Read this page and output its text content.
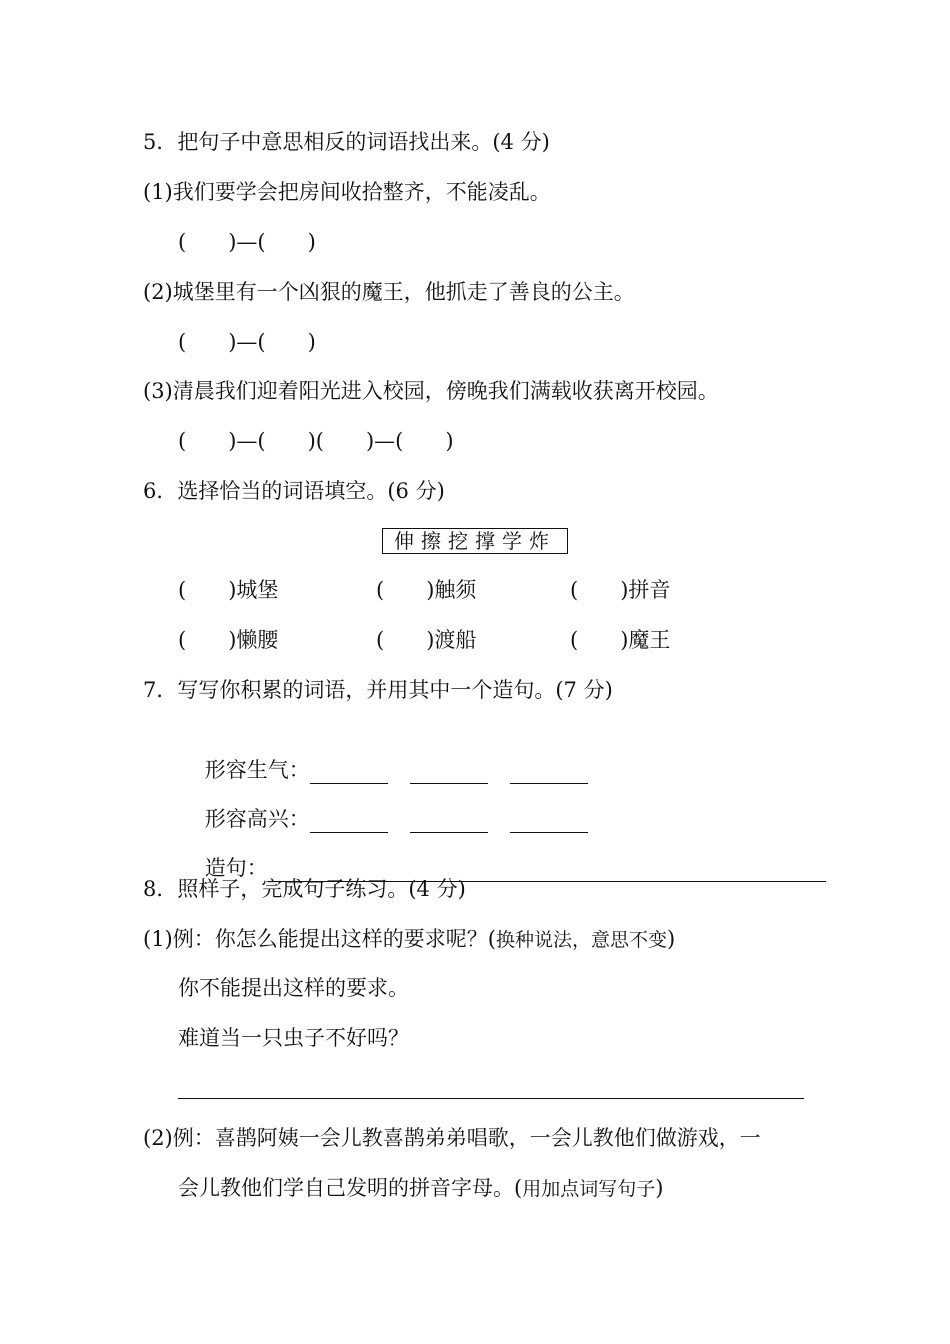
5．把句子中意思相反的词语找出来。(4 分)
(1)我们要学会把房间收拾整齐，不能凌乱。
(　　)—(　　)
(2)城堡里有一个凶狠的魔王，他抓走了善良的公主。
(　　)—(　　)
(3)清晨我们迎着阳光进入校园，傍晚我们满载收获离开校园。
(　　)—(　　)(　　)—(　　)
6．选择恰当的词语填空。(6 分)
伸擦挖撑学炸
(　　)城堡	(　　)触须	(　　)拼音
(　　)懒腰	(　　)渡船	(　　)魔王
7．写写你积累的词语，并用其中一个造句。(7 分)

形容生气：

形容高兴：

造句：

8．照样子，完成句子练习。(4 分)
(1)例：你怎么能提出这样的要求呢？(换种说法，意思不变)
你不能提出这样的要求。
难道当一只虫子不好吗？
(2)例：喜鹊阿姨一会儿教喜鹊弟弟唱歌，一会儿教他们做游戏，一
会儿教他们学自己发明的拼音字母。(用加点词写句子)
